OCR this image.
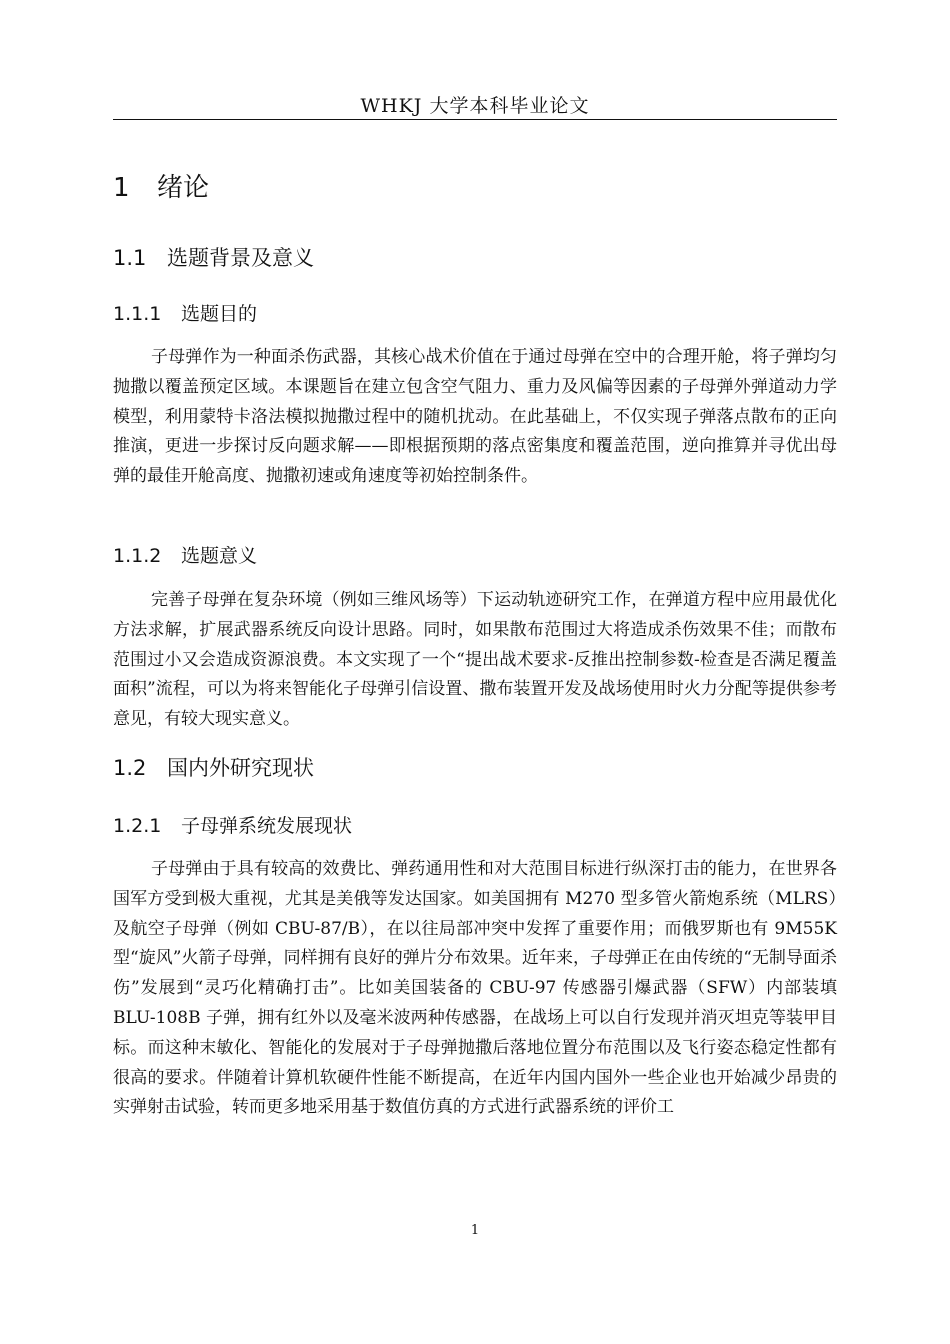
WHKJ 大学本科毕业论文
1 绪论
1.1 选题背景及意义
1.1.1 选题目的

子母弹作为一种面杀伤武器，其核心战术价值在于通过母弹在空中的合理开舱，将子弹均匀抛撒以覆盖预定区域。本课题旨在建立包含空气阻力、重力及风偏等因素的子母弹外弹道动力学模型，利用蒙特卡洛法模拟抛撒过程中的随机扰动。在此基础上，不仅实现子弹落点散布的正向推演，更进一步探讨反向题求解——即根据预期的落点密集度和覆盖范围，逆向推算并寻优出母弹的最佳开舱高度、抛撒初速或角速度等初始控制条件。

1.1.2 选题意义

完善子母弹在复杂环境（例如三维风场等）下运动轨迹研究工作，在弹道方程中应用最优化方法求解，扩展武器系统反向设计思路。同时，如果散布范围过大将造成杀伤效果不佳；而散布范围过小又会造成资源浪费。本文实现了一个“提出战术要求-反推出控制参数-检查是否满足覆盖面积”流程，可以为将来智能化子母弹引信设置、撒布装置开发及战场使用时火力分配等提供参考意见，有较大现实意义。

1.2 国内外研究现状
1.2.1 子母弹系统发展现状

子母弹由于具有较高的效费比、弹药通用性和对大范围目标进行纵深打击的能力，在世界各国军方受到极大重视，尤其是美俄等发达国家。如美国拥有 M270 型多管火箭炮系统（MLRS）及航空子母弹（例如 CBU-87/B），在以往局部冲突中发挥了重要作用；而俄罗斯也有 9M55K 型“旋风”火箭子母弹，同样拥有良好的弹片分布效果。近年来，子母弹正在由传统的“无制导面杀伤”发展到“灵巧化精确打击”。比如美国装备的 CBU-97 传感器引爆武器（SFW）内部装填 BLU-108B 子弹，拥有红外以及毫米波两种传感器，在战场上可以自行发现并消灭坦克等装甲目标。而这种末敏化、智能化的发展对于子母弹抛撒后落地位置分布范围以及飞行姿态稳定性都有很高的要求。伴随着计算机软硬件性能不断提高，在近年内国内国外一些企业也开始减少昂贵的实弹射击试验，转而更多地采用基于数值仿真的方式进行武器系统的评价工

1
